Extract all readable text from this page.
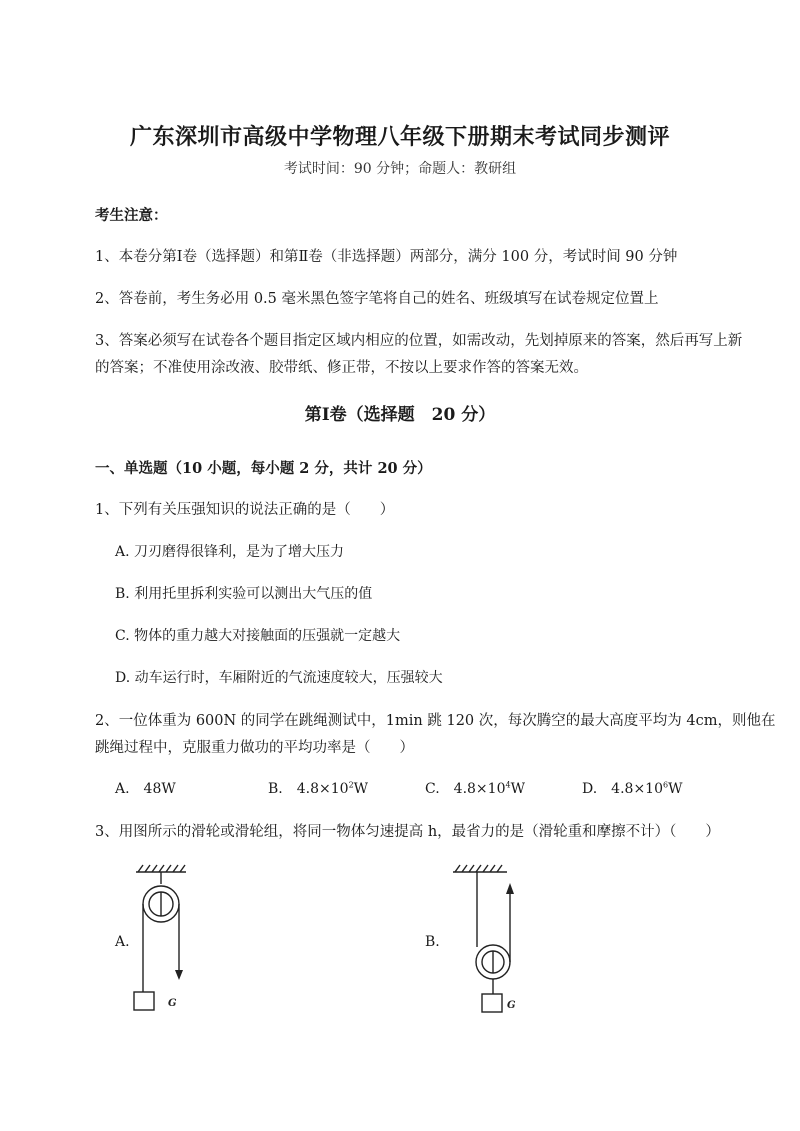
广东深圳市高级中学物理八年级下册期末考试同步测评
考试时间：90 分钟；命题人：教研组
考生注意：
1、本卷分第Ⅰ卷（选择题）和第Ⅱ卷（非选择题）两部分，满分 100 分，考试时间 90 分钟
2、答卷前，考生务必用 0.5 毫米黑色签字笔将自己的姓名、班级填写在试卷规定位置上
3、答案必须写在试卷各个题目指定区域内相应的位置，如需改动，先划掉原来的答案，然后再写上新
的答案；不准使用涂改液、胶带纸、修正带，不按以上要求作答的答案无效。
第Ⅰ卷（选择题　20 分）
一、单选题（10 小题，每小题 2 分，共计 20 分）
1、下列有关压强知识的说法正确的是（　　）
A. 刀刃磨得很锋利，是为了增大压力
B. 利用托里拆利实验可以测出大气压的值
C. 物体的重力越大对接触面的压强就一定越大
D. 动车运行时，车厢附近的气流速度较大，压强较大
2、一位体重为 600N 的同学在跳绳测试中，1min 跳 120 次，每次腾空的最大高度平均为 4cm，则他在
跳绳过程中，克服重力做功的平均功率是（　　）
A.　48W	B.　$4.8\times 10^2W$	C.　$4.8\times 10^4W$	D.　$4.8\times 10^6W$
3、用图所示的滑轮或滑轮组，将同一物体匀速提高 h，最省力的是（滑轮重和摩擦不计）（　　）
A.	B.
G	G
